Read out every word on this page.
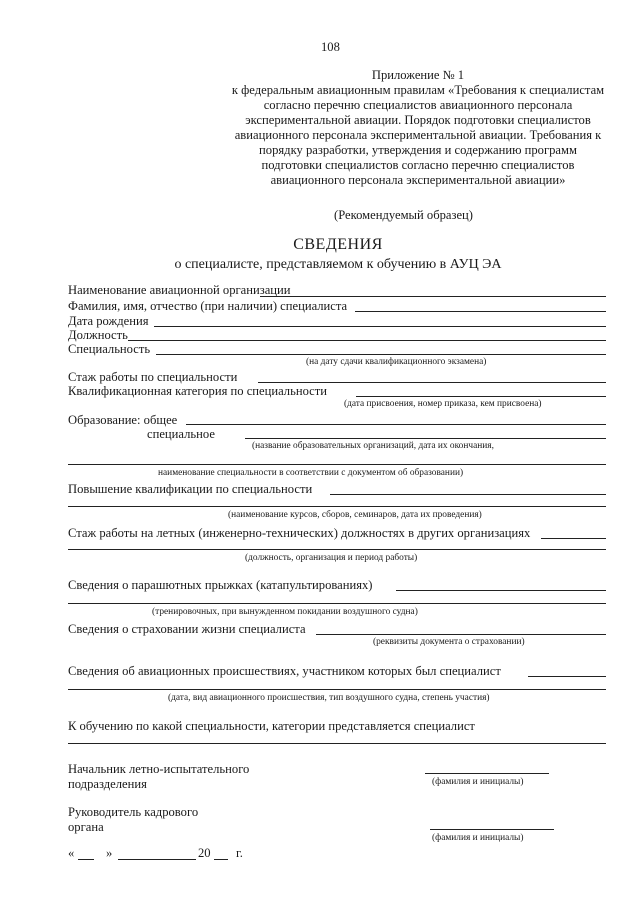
108
Приложение № 1
к федеральным авиационным правилам «Требования к специалистам
согласно перечню специалистов авиационного персонала
экспериментальной авиации. Порядок подготовки специалистов
авиационного персонала экспериментальной авиации. Требования к
порядку разработки, утверждения и содержанию программ
подготовки специалистов согласно перечню специалистов
авиационного персонала экспериментальной авиации»
(Рекомендуемый образец)
СВЕДЕНИЯ
о специалисте, представляемом к обучению в АУЦ ЭА
Наименование авиационной организации
Фамилия, имя, отчество (при наличии) специалиста
Дата рождения
Должность
Специальность
(на дату сдачи квалификационного экзамена)
Стаж работы по специальности
Квалификационная категория по специальности
(дата присвоения, номер приказа, кем присвоена)
Образование: общее
специальное
(название образовательных организаций, дата их окончания,
наименование специальности в соответствии с документом об образовании)
Повышение квалификации по специальности
(наименование курсов, сборов, семинаров, дата их проведения)
Стаж работы на летных (инженерно-технических) должностях в других организациях
(должность, организация и период работы)
Сведения о парашютных прыжках (катапультированиях)
(тренировочных, при вынужденном покидании воздушного судна)
Сведения о страховании жизни специалиста
(реквизиты документа о страховании)
Сведения об авиационных происшествиях, участником которых был специалист
(дата, вид авиационного происшествия, тип воздушного судна, степень участия)
К обучению по какой специальности, категории представляется специалист
Начальник летно-испытательного
подразделения	(фамилия и инициалы)
Руководитель кадрового
органа
(фамилия и инициалы)
«	»	20 г.
